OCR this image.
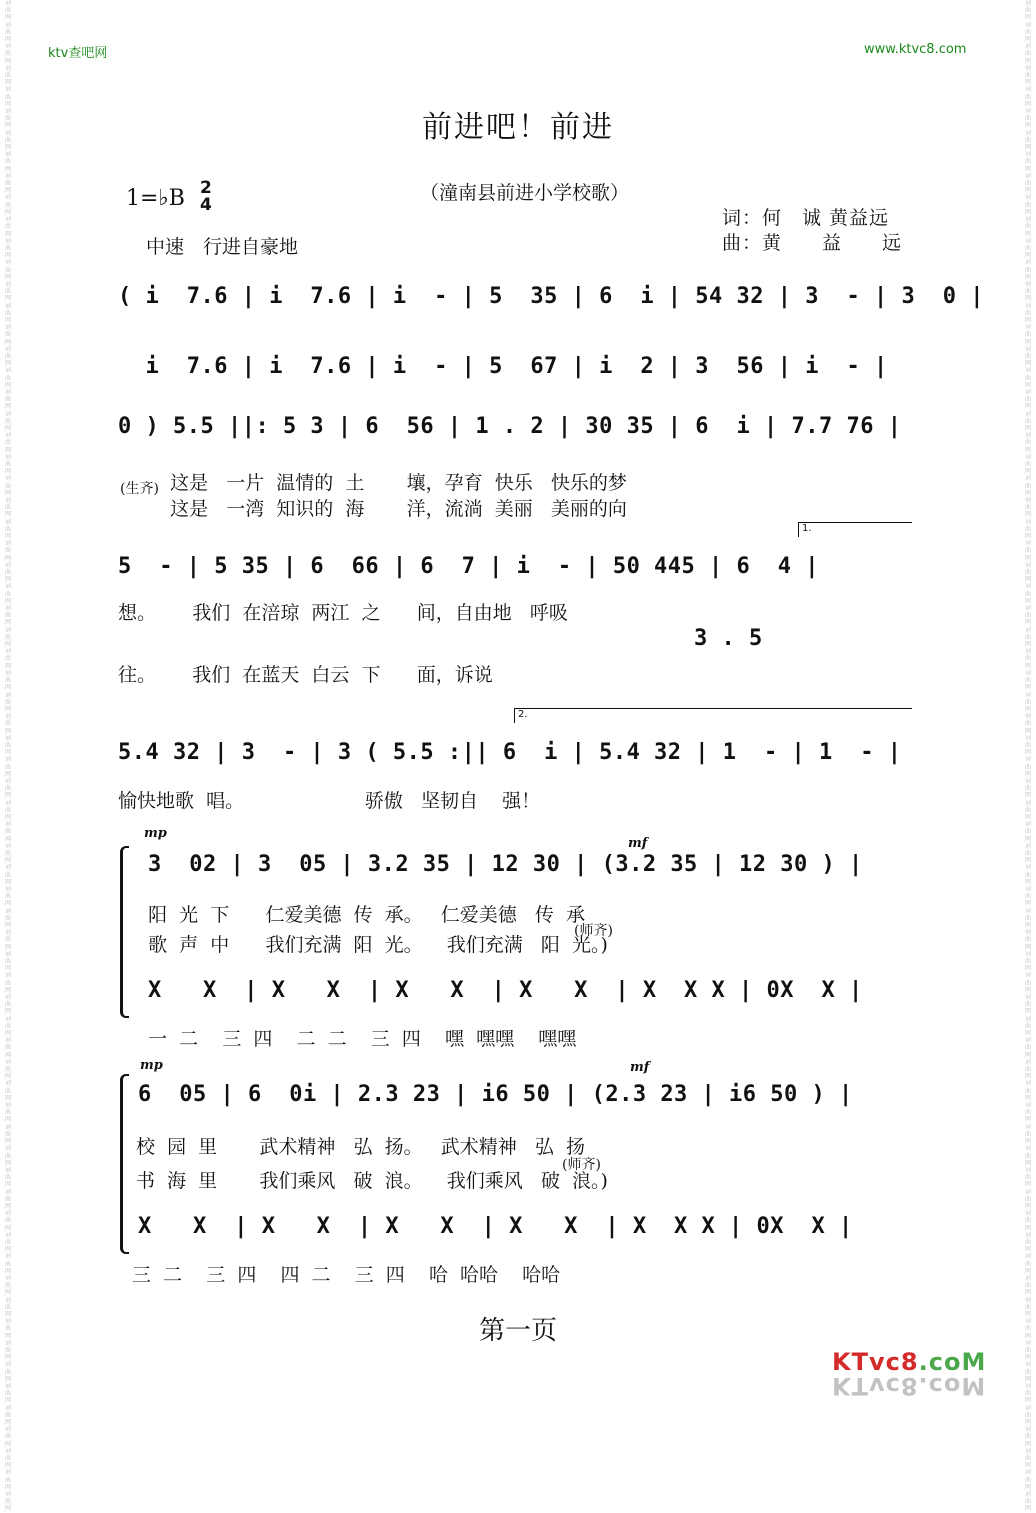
词
曲
网
词
曲
网
词
曲
网
词
曲
网
词
曲
网
词
曲
网
词
曲
网
词
曲
网
词
曲
网
词
曲
网
词
曲
网
词
曲
网
词
曲
网
词
曲
网
词
曲
网
词
曲
网
词
曲
网
词
曲
网
词
曲
网
词
曲
网
词
曲
网
词
曲
网
词
曲
网
词
曲
网
词
曲
网
词
曲
网
词
曲
网
词
曲
网
词
曲
网
词
曲
网
词
曲
网
词
曲
网
词
曲
网
词
曲
网
词
曲
网
词
曲
网
词
曲
网
词
曲
网
词
曲
网
词
曲
网
词
曲
网
词
曲
网
词
曲
网
词
曲
网
词
曲
网
词
曲
网
词
曲
网
词
曲
网
词
曲
网
词
曲
网
词
曲
网
词
曲
网
词
曲
网
词
曲
网
词
曲
网
词
曲
网
词
曲
网
词
曲
网
词
曲
网
词
曲
网
词
曲
网
词
曲
网
词
曲
网
词
曲
网
词
曲
网
词
曲
网
词
曲
网
词
曲
网
词
曲
网
词
曲
网
词
曲
网
词
曲
网
词
曲
网
词
曲
网
词
曲
网
词
曲
网
词
曲
网
词
曲
网
词
曲
网
词
曲
网
词
曲
网
词
曲
网
词
曲
网
词
曲
网
词
曲
网
词
曲
网
词
曲
网
词
曲
网
词
曲
网
词
曲
网
词
曲
网
词
曲
网
词
曲
网
词
曲
网
词
曲
网
词
曲
网
词
曲
网
词
曲
网
词
曲
网
词
曲
网
词
曲
网
词
曲
网
词
曲
网
词
曲
网
词
曲
网
词
曲
网
词
曲
网
词
曲
网
词
曲
网
词
曲
网
词
曲
网
词
曲
网
词
曲
网
词
曲
网
词
曲
网
词
曲
网
词
曲
网
词
曲
网
词
曲
网
词
曲
网
词
曲
网
词
曲
网
词
曲
网
词
曲
网
词
曲
网
词
曲
网
词
曲
网
词
曲
网
词
曲
网
词
曲
网
词
曲
网
词
曲
网
词
曲
网
词
曲
网
词
曲
网
词
曲
网
词
曲
网
词
曲
网
词
曲
网
词
曲
网
ktv查吧网	www.ktvc8.com
前进吧！前进
（潼南县前进小学校歌）
词：何　诚 黄益远
曲：黄　　益　　远
1=♭B 2
4
中速　行进自豪地
( i  7.6 | i  7.6 | i  - | 5  35 | 6  i | 54 32 | 3  - | 3  0 |
i  7.6 | i  7.6 | i  - | 5  67 | i  2 | 3  56 | i  - |
0 ) 5.5 ||: 5 3 | 6  56 | 1 . 2 | 30 35 | 6  i | 7.7 76 |
(生齐) 这是   一片  温情的  土       壤，孕育  快乐   快乐的梦
这是   一湾  知识的  海       洋，流淌  美丽   美丽的向
1.
5  - | 5 35 | 6  66 | 6  7 | i  - | 50 445 | 6  4 |
想。      我们  在涪琼  两江  之      间，自由地   呼吸
3 . 5
往。      我们  在蓝天  白云  下      面，诉说
2.
5.4 32 | 3  - | 3 ( 5.5 :|| 6  i | 5.4 32 | 1  - | 1  - |
愉快地歌  唱。                    骄傲   坚韧自    强！
mp
mf
3  02 | 3  05 | 3.2 35 | 12 30 | (3.2 35 | 12 30 ) |
阳  光  下      仁爱美德  传  承。   仁爱美德   传  承
(师齐)
歌  声  中      我们充满  阳  光。    我们充满   阳  光。)
X   X  | X   X  | X   X  | X   X  | X  X X | 0X  X |
一  二    三  四    二  二    三  四    嘿  嘿嘿    嘿嘿
mp	mf
6  05 | 6  0i | 2.3 23 | i6 50 | (2.3 23 | i6 50 ) |
校  园  里       武术精神   弘  扬。   武术精神   弘  扬
(师齐)
书  海  里       我们乘风   破  浪。    我们乘风   破  浪。)
X   X  | X   X  | X   X  | X   X  | X  X X | 0X  X |
三  二    三  四    四  二    三  四    哈  哈哈    哈哈
第一页
KTvc8.coM
KTvc8.coM
